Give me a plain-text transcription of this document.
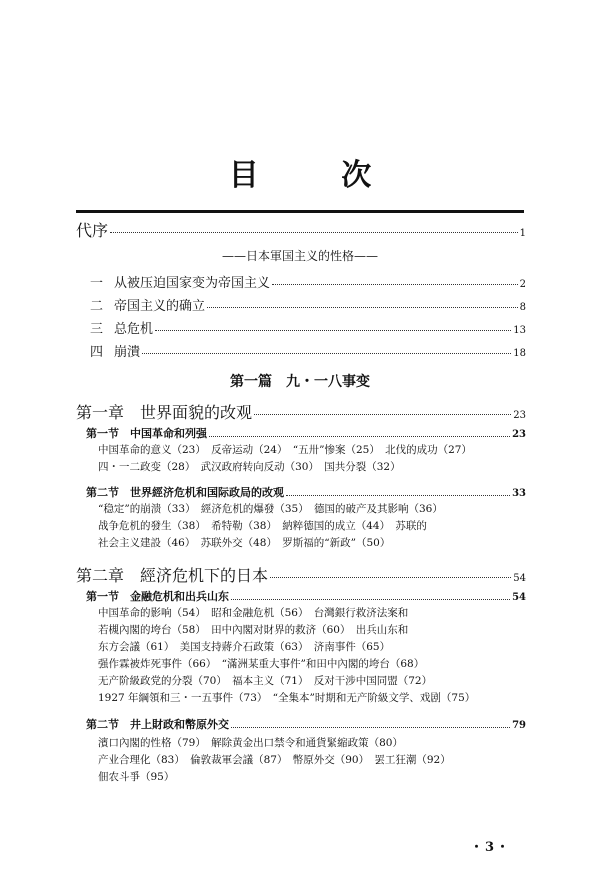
目 次
代序	1
——日本軍国主义的性格——
一 从被压迫国家变为帝国主义	2
二 帝国主义的确立	8
三 总危机	13
四 崩潰	18
第一篇　九・一八事变
第一章　世界面貌的改观	23
第一节　中国革命和列强	23
中国革命的意义（23）　反帝运动（24）　“五卅”惨案（25）　北伐的成功（27）
四・一二政变（28）　武汉政府转向反动（30）　国共分裂（32）
第二节　世界經济危机和国际政局的改观	33
“稳定”的崩溃（33）　經济危机的爆發（35）　德国的破产及其影响（36）
战争危机的發生（38）　希特勒（38）　納粹德国的成立（44）　苏联的
社会主义建設（46）　苏联外交（48）　罗斯福的“新政”（50）
第二章　經济危机下的日本	54
第一节　金融危机和出兵山东	54
中国革命的影响（54）　昭和金融危机（56）　台灣銀行救济法案和
若槻內閣的垮台（58）　田中內閣对財界的救济（60）　出兵山东和
东方会議（61）　美国支持蔣介石政策（63）　济南事件（65）
强作霖被炸死事件（66）　“滿洲某重大事件”和田中內閣的垮台（68）
无产阶級政党的分裂（70）　福本主义（71）　反对干涉中国同盟（72）
1927 年綱領和三・一五事件（73）　“全集本”时期和无产阶級文学、戏剧（75）
第二节　井上財政和幣原外交	79
濱口內閣的性格（79）　解除黄金出口禁令和通貨緊縮政策（80）
产业合理化（83）　倫敦裁軍会議（87）　幣原外交（90）　罢工狂潮（92）
佃农斗爭（95）
・3・
